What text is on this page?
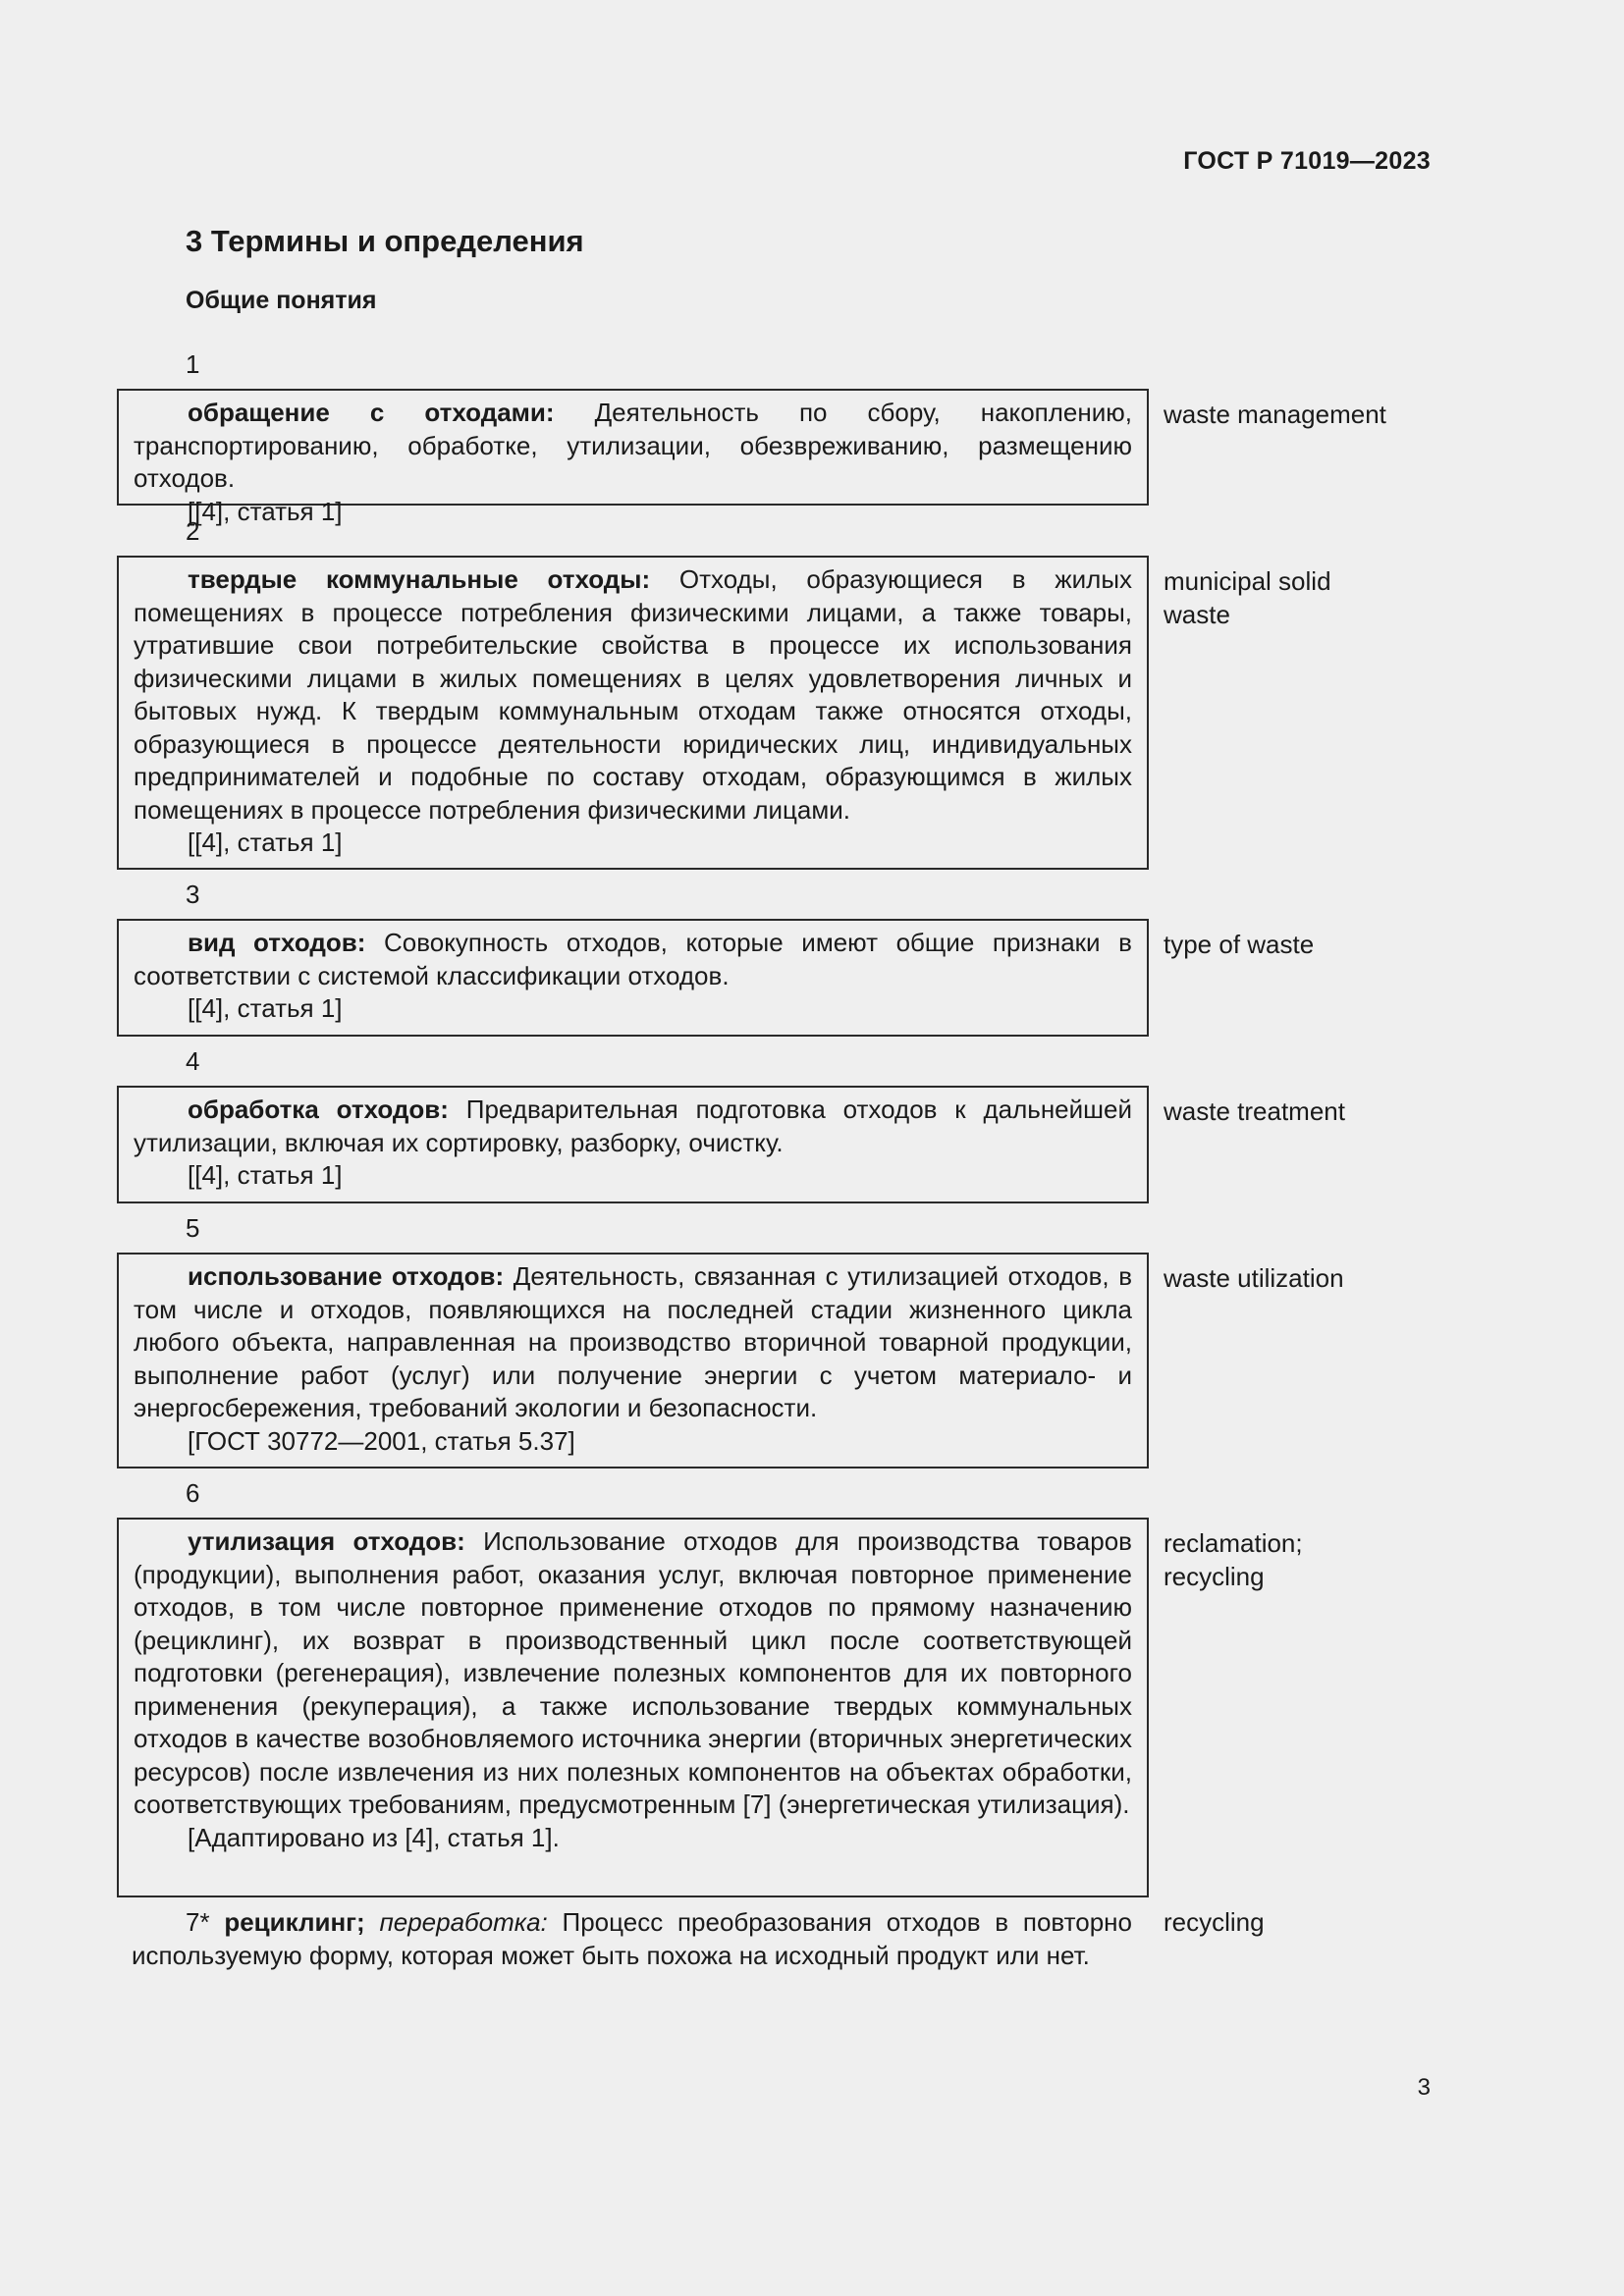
ГОСТ Р 71019—2023
3 Термины и определения
Общие понятия
1

обращение с отходами: Деятельность по сбору, накоплению, транспортированию, обработке, утилизации, обезвреживанию, размещению отходов.

[[4], статья 1]

waste management
2

твердые коммунальные отходы: Отходы, образующиеся в жилых помещениях в процессе потребления физическими лицами, а также товары, утратившие свои потребительские свойства в процессе их использования физическими лицами в жилых помещениях в целях удовлетворения личных и бытовых нужд. К твердым коммунальным отходам также относятся отходы, образующиеся в процессе деятельности юридических лиц, индивидуальных предпринимателей и подобные по составу отходам, образующимся в жилых помещениях в процессе потребления физическими лицами.

[[4], статья 1]

municipal solid waste
3

вид отходов: Совокупность отходов, которые имеют общие признаки в соответствии с системой классификации отходов.

[[4], статья 1]

type of waste
4

обработка отходов: Предварительная подготовка отходов к дальнейшей утилизации, включая их сортировку, разборку, очистку.

[[4], статья 1]

waste treatment
5

использование отходов: Деятельность, связанная с утилизацией отходов, в том числе и отходов, появляющихся на последней стадии жизненного цикла любого объекта, направленная на производство вторичной товарной продукции, выполнение работ (услуг) или получение энергии с учетом материало- и энергосбережения, требований экологии и безопасности.

[ГОСТ 30772—2001, статья 5.37]

waste utilization
6

утилизация отходов: Использование отходов для производства товаров (продукции), выполнения работ, оказания услуг, включая повторное применение отходов, в том числе повторное применение отходов по прямому назначению (рециклинг), их возврат в производственный цикл после соответствующей подготовки (регенерация), извлечение полезных компонентов для их повторного применения (рекуперация), а также использование твердых коммунальных отходов в качестве возобновляемого источника энергии (вторичных энергетических ресурсов) после извлечения из них полезных компонентов на объектах обработки, соответствующих требованиям, предусмотренным [7] (энергетическая утилизация).

[Адаптировано из [4], статья 1].

reclamation; recycling

7* рециклинг; переработка: Процесс преобразования отходов в повторно используемую форму, которая может быть похожа на исходный продукт или нет.

recycling
3
